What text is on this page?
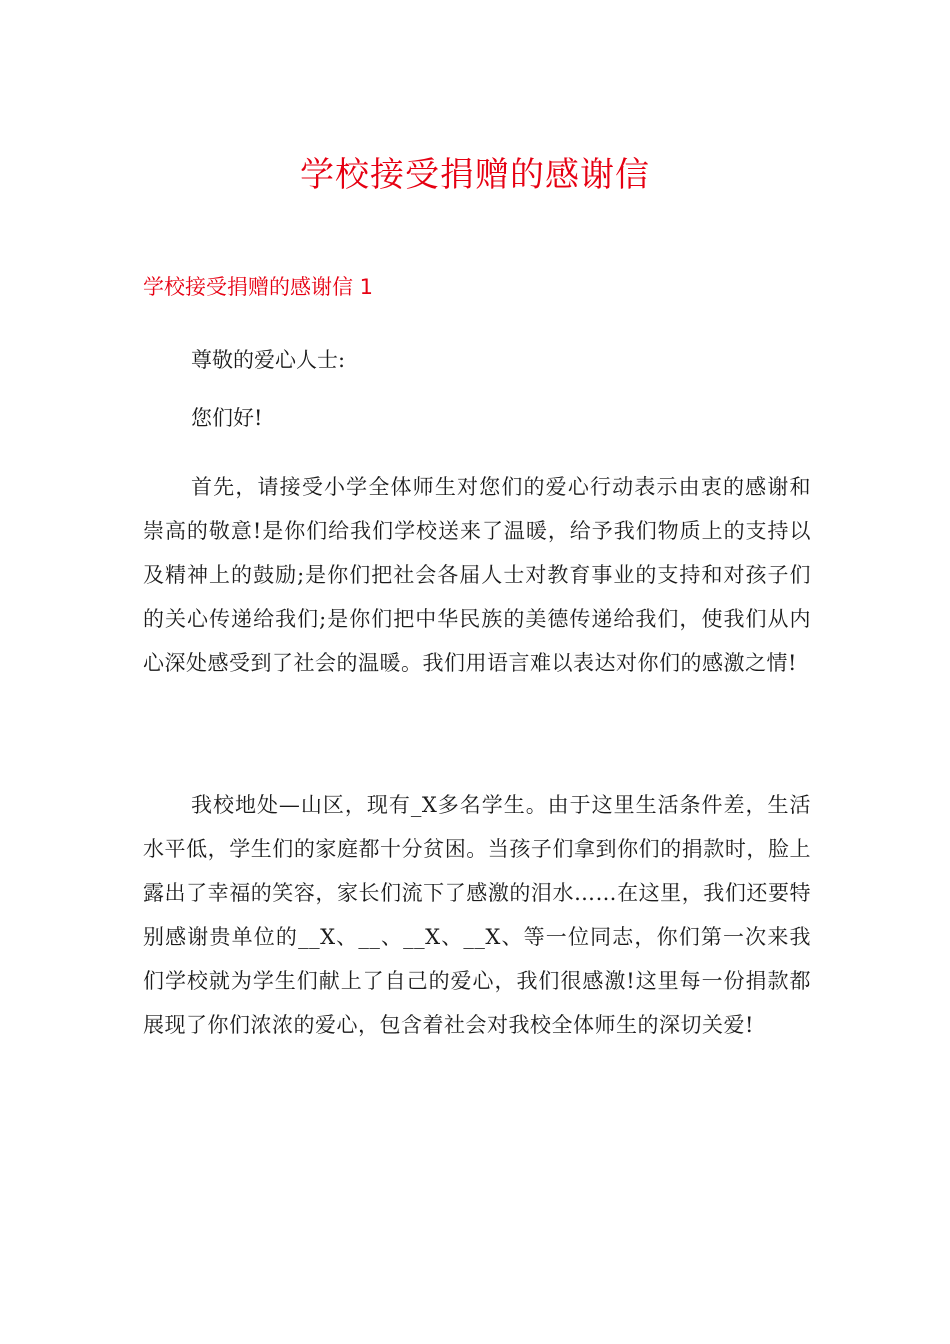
学校接受捐赠的感谢信
学校接受捐赠的感谢信 1

尊敬的爱心人士:

您们好!

首先，请接受小学全体师生对您们的爱心行动表示由衷的感谢和崇高的敬意!是你们给我们学校送来了温暖，给予我们物质上的支持以及精神上的鼓励;是你们把社会各届人士对教育事业的支持和对孩子们的关心传递给我们;是你们把中华民族的美德传递给我们，使我们从内心深处感受到了社会的温暖。我们用语言难以表达对你们的感激之情!

我校地处—山区，现有_X多名学生。由于这里生活条件差，生活水平低，学生们的家庭都十分贫困。当孩子们拿到你们的捐款时，脸上露出了幸福的笑容，家长们流下了感激的泪水……在这里，我们还要特别感谢贵单位的__X、__、__X、__X、等一位同志，你们第一次来我们学校就为学生们献上了自己的爱心，我们很感激!这里每一份捐款都展现了你们浓浓的爱心，包含着社会对我校全体师生的深切关爱!
